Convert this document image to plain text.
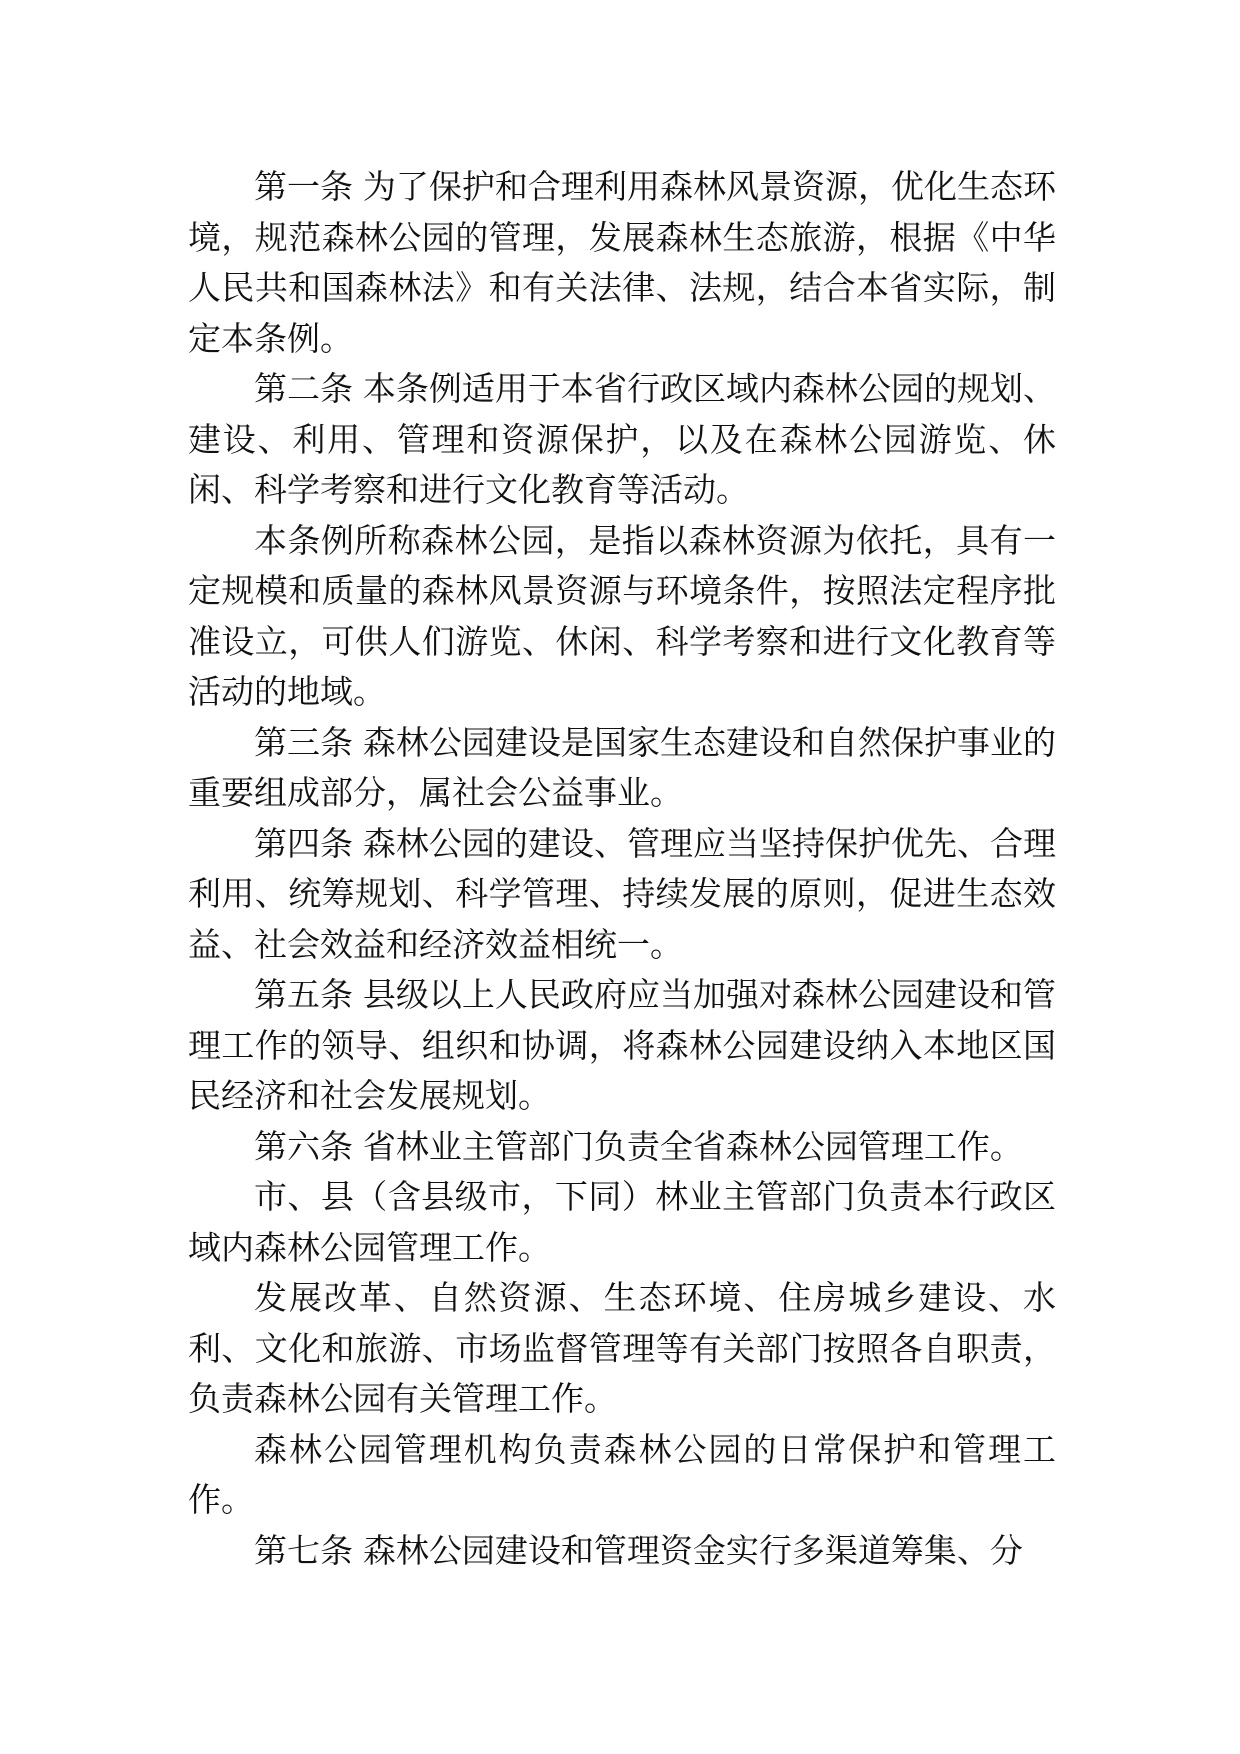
第一条 为了保护和合理利用森林风景资源，优化生态环境，规范森林公园的管理，发展森林生态旅游，根据《中华人民共和国森林法》和有关法律、法规，结合本省实际，制定本条例。

第二条 本条例适用于本省行政区域内森林公园的规划、建设、利用、管理和资源保护，以及在森林公园游览、休闲、科学考察和进行文化教育等活动。

本条例所称森林公园，是指以森林资源为依托，具有一定规模和质量的森林风景资源与环境条件，按照法定程序批准设立，可供人们游览、休闲、科学考察和进行文化教育等活动的地域。

第三条 森林公园建设是国家生态建设和自然保护事业的重要组成部分，属社会公益事业。

第四条 森林公园的建设、管理应当坚持保护优先、合理利用、统筹规划、科学管理、持续发展的原则，促进生态效益、社会效益和经济效益相统一。

第五条 县级以上人民政府应当加强对森林公园建设和管理工作的领导、组织和协调，将森林公园建设纳入本地区国民经济和社会发展规划。

第六条 省林业主管部门负责全省森林公园管理工作。

市、县（含县级市，下同）林业主管部门负责本行政区域内森林公园管理工作。

发展改革、自然资源、生态环境、住房城乡建设、水利、文化和旅游、市场监督管理等有关部门按照各自职责，负责森林公园有关管理工作。

森林公园管理机构负责森林公园的日常保护和管理工作。

第七条 森林公园建设和管理资金实行多渠道筹集、分
